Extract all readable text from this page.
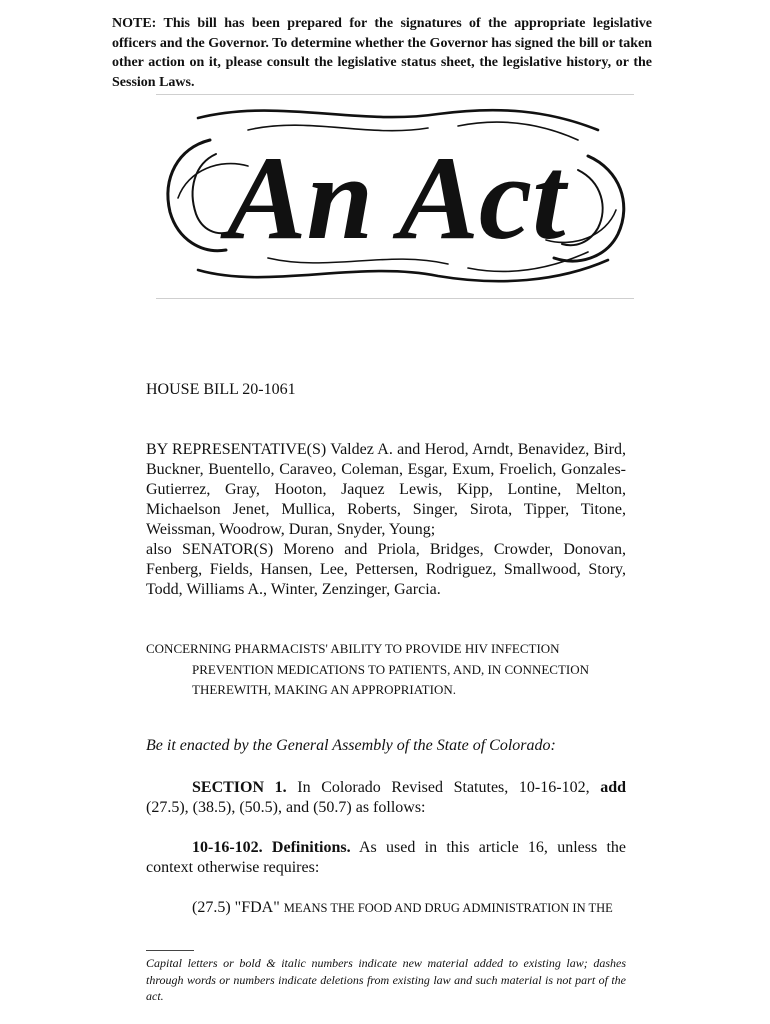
NOTE: This bill has been prepared for the signatures of the appropriate legislative officers and the Governor. To determine whether the Governor has signed the bill or taken other action on it, please consult the legislative status sheet, the legislative history, or the Session Laws.
An Act
HOUSE BILL 20-1061

BY REPRESENTATIVE(S) Valdez A. and Herod, Arndt, Benavidez, Bird, Buckner, Buentello, Caraveo, Coleman, Esgar, Exum, Froelich, Gonzales-Gutierrez, Gray, Hooton, Jaquez Lewis, Kipp, Lontine, Melton, Michaelson Jenet, Mullica, Roberts, Singer, Sirota, Tipper, Titone, Weissman, Woodrow, Duran, Snyder, Young;

also SENATOR(S) Moreno and Priola, Bridges, Crowder, Donovan, Fenberg, Fields, Hansen, Lee, Pettersen, Rodriguez, Smallwood, Story, Todd, Williams A., Winter, Zenzinger, Garcia.

CONCERNING PHARMACISTS' ABILITY TO PROVIDE HIV INFECTION

PREVENTION MEDICATIONS TO PATIENTS, AND, IN CONNECTION

THEREWITH, MAKING AN APPROPRIATION.

Be it enacted by the General Assembly of the State of Colorado:

SECTION 1. In Colorado Revised Statutes, 10-16-102, add (27.5), (38.5), (50.5), and (50.7) as follows:

10-16-102. Definitions. As used in this article 16, unless the context otherwise requires:

(27.5) "FDA" MEANS THE FOOD AND DRUG ADMINISTRATION IN THE
Capital letters or bold & italic numbers indicate new material added to existing law; dashes through words or numbers indicate deletions from existing law and such material is not part of the act.
